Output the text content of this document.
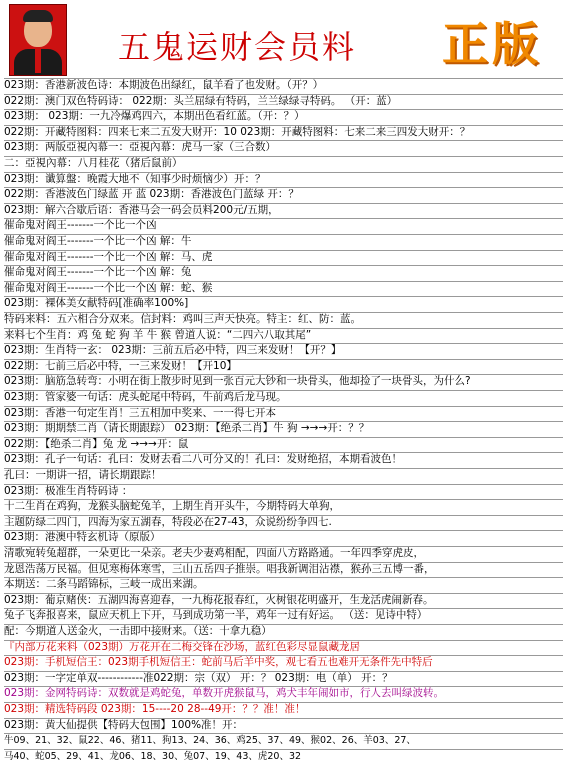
五鬼运财会员料 正版
023期：香港新波色诗：本期波色出绿红，鼠羊看了也发财。（开？）
022期：澳门双色特码诗： 022期：头兰屈绿有特码，兰兰绿绿寻特码。 （开：蓝）
023期： 023期：一九冷爆鸡四六，本期出色看红蓝。（开：？）
022期：开藏特图料：四来七来二五发大财开：10 023期：开藏特图料：七来二来三四发大财开：？
023期：两版亞視內幕一：亞視內幕：虎马一家（三合数）
二：亞視內幕：八月桂花（猪后鼠前）
023期：谶算盤：晚霞大地不（知事少时烦恼少）开：？
022期：香港波色门绿蓝 开 蓝 023期：香港波色门蓝绿 开：？
023期：解六合歇后语：香港马会一码会员料200元/五期，
催命鬼对阎王-------一个比一个凶
催命鬼对阎王-------一个比一个凶 解：牛
催命鬼对阎王-------一个比一个凶 解：马、虎
催命鬼对阎王-------一个比一个凶 解：兔
催命鬼对阎王-------一个比一个凶 解：蛇、猴
023期：裸体美女献特码[准确率100%]
特码来料：五六相合分双来。信封料：鸡叫三声天快亮。特主：红、防：蓝。
来料七个生肖：鸡 兔 蛇 狗 羊 牛 猴 曾道人说：“二四六八取其尾”
023期：生肖特一玄： 023期：三前五后必中特，四三来发财！【开？】
022期：七前三后必中特，一三来发财！【开10】
023期：脑筋急转弯：小明在街上散步时见到一张百元大钞和一块骨头，他却捡了一块骨头，为什么?
023期：管家婆一句话：虎头蛇尾中特码，牛前鸡后龙马现。
023期：香港一句定生肖！三五相加中奖来、一一得七开本
023期：期期禁二肖（请长期跟踪） 023期：【绝杀二肖】牛 狗 →→→开：？？
022期：【绝杀二肖】兔 龙 →→→开：鼠
023期：孔子一句话：孔曰：发财去看二八可分又的！孔曰：发财绝招，本期看波色！
孔曰：一期讲一招，请长期跟踪！
023期：极准生肖特码诗 ：
十二生肖在鸡狗，龙猴头脑蛇兔羊，上期生肖开头牛，今期特码大单狗，
主题防绿二四门，四海为家五湖春，特段必在27-43，众说纷纷争四七.
023期：港澳中特玄机诗（原版）
清歌宛转兔超群，一朵更比一朵亲。老夫少妻鸡相配，四面八方路路通。一年四季穿虎皮，
龙恩浩荡万民福。但见寒梅体寒雪，三山五岳四子推崇。唱我新调泪沾襟，猴孙三五博一番，
本期送：二条马蹈锦标，三岐一成出来湖。
023期：葡京赌侠：五湖四海喜迎春，一九梅花报春红，火树银花明盛开，生龙活虎闹新春。
兔子飞奔报喜来，鼠应天机上下开，马到成功第一半，鸡年一过有好运。 （送：见诗中特）
配：今期道人送金火，一击即中接财来。（送：十拿九稳）
『内部万花来料（023期）万花开在二梅交锋在沙场，蓝红色彩尽显鼠藏龙居
023期：手机短信王：023期手机短信王：蛇前马后羊中奖，观七看五也难开无条件先中特后
023期：一字定单双------------准022期：宗（双） 开：？ 023期：电（单） 开：？
023期：金网特码诗：双数就是鸡蛇兔，单数开虎猴鼠马，鸡犬丰年闹如市，行人去叫绿波转。
023期：精选特码段 023期：15----20 28--49开：？？准！准！
023期：黄大仙提供【特码大包围】100%准！开：
牛09、21、32、鼠22、46、猪11、狗13、24、36、鸡25、37、49、猴02、26、羊03、27、
马40、蛇05、29、41、龙06、18、30、兔07、19、43、虎20、32
